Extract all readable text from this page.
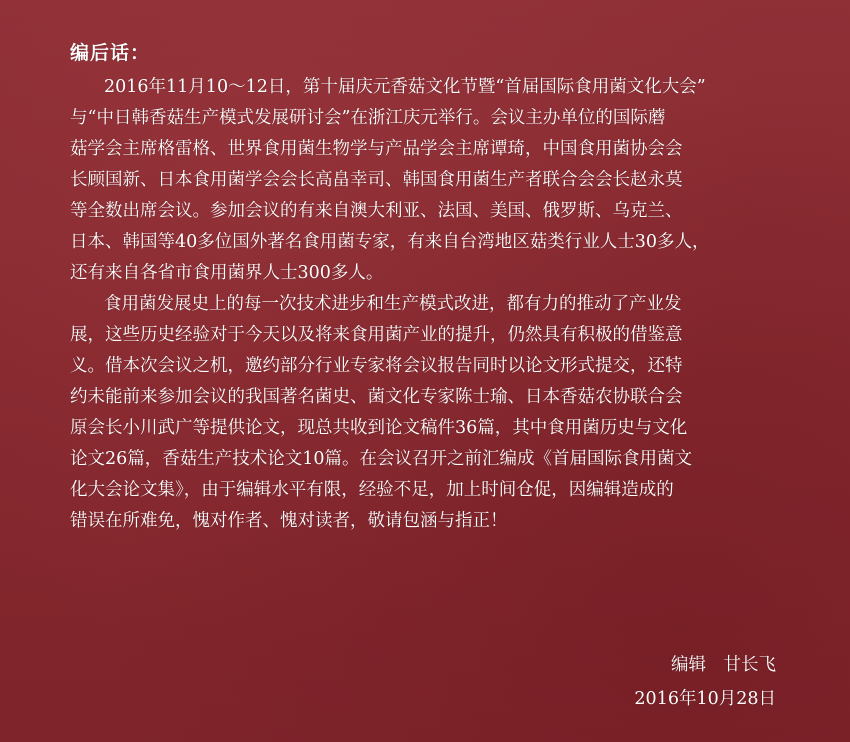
编后话：
2016年11月10～12日，第十届庆元香菇文化节暨“首届国际食用菌文化大会”
与“中日韩香菇生产模式发展研讨会”在浙江庆元举行。会议主办单位的国际蘑
菇学会主席格雷格、世界食用菌生物学与产品学会主席谭琦，中国食用菌协会会
长顾国新、日本食用菌学会会长高畠幸司、韩国食用菌生产者联合会会长赵永莫
等全数出席会议。参加会议的有来自澳大利亚、法国、美国、俄罗斯、乌克兰、
日本、韩国等40多位国外著名食用菌专家，有来自台湾地区菇类行业人士30多人，
还有来自各省市食用菌界人士300多人。
食用菌发展史上的每一次技术进步和生产模式改进，都有力的推动了产业发
展，这些历史经验对于今天以及将来食用菌产业的提升，仍然具有积极的借鉴意
义。借本次会议之机，邀约部分行业专家将会议报告同时以论文形式提交，还特
约未能前来参加会议的我国著名菌史、菌文化专家陈士瑜、日本香菇农协联合会
原会长小川武广等提供论文，现总共收到论文稿件36篇，其中食用菌历史与文化
论文26篇，香菇生产技术论文10篇。在会议召开之前汇编成《首届国际食用菌文
化大会论文集》，由于编辑水平有限，经验不足，加上时间仓促，因编辑造成的
错误在所难免，愧对作者、愧对读者，敬请包涵与指正！
编辑　甘长飞
2016年10月28日
